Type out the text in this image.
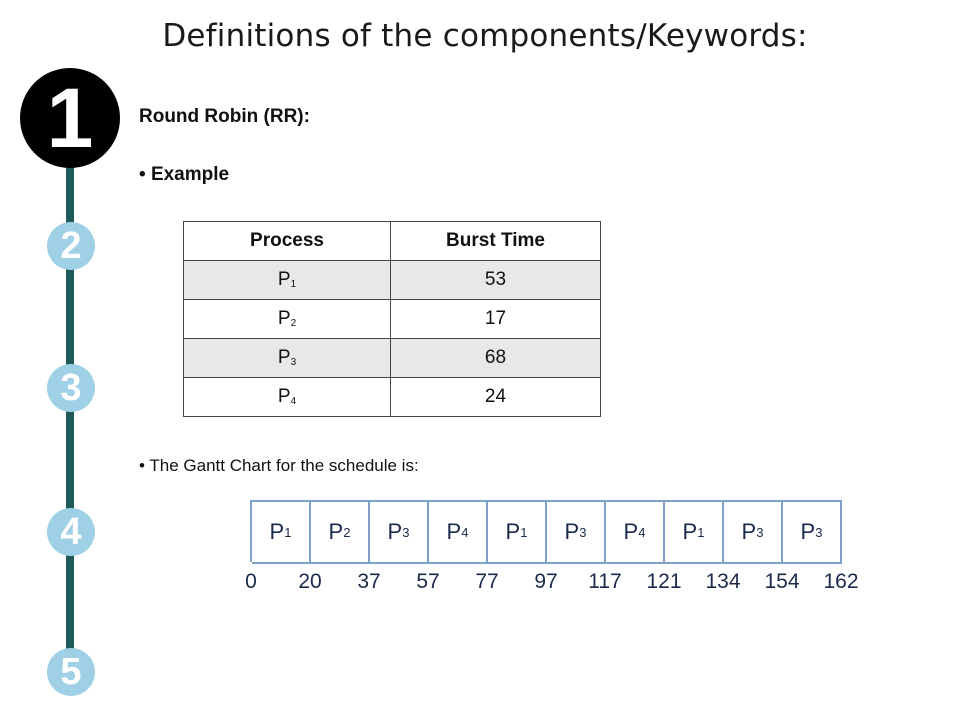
Definitions of the components/Keywords:
1
2
3
4
5
Round Robin (RR):
• Example
Process	Burst Time
$P_1$	53
$P_2$	17
$P_3$	68
$P_4$	24
• The Gantt Chart for the schedule is:
P 1 P 2 P 3 P 4 P 1 P 3 P 4 P 1 P 3 P 3
0 20 37 57 77 97 117 121 134 154 162
